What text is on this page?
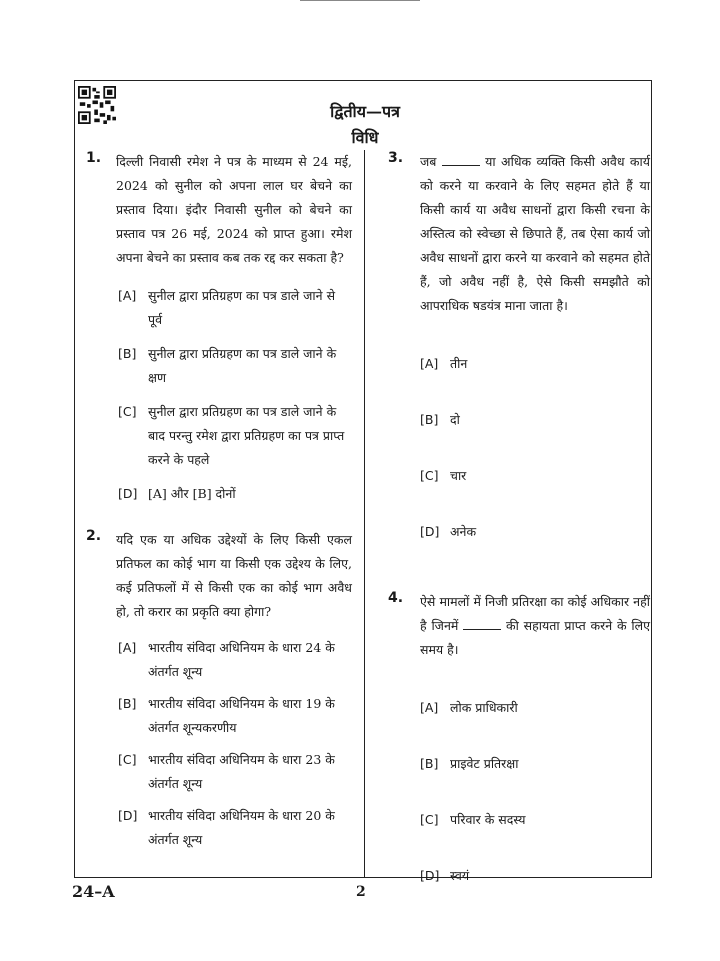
द्वितीय—पत्र
विधि
1. दिल्ली निवासी रमेश ने पत्र के माध्यम से 24 मई, 2024 को सुनील को अपना लाल घर बेचने का प्रस्ताव दिया। इंदौर निवासी सुनील को बेचने का प्रस्ताव पत्र 26 मई, 2024 को प्राप्त हुआ। रमेश अपना बेचने का प्रस्ताव कब तक रद्द कर सकता है?
[A] सुनील द्वारा प्रतिग्रहण का पत्र डाले जाने से पूर्व
[B] सुनील द्वारा प्रतिग्रहण का पत्र डाले जाने के क्षण
[C] सुनील द्वारा प्रतिग्रहण का पत्र डाले जाने के बाद परन्तु रमेश द्वारा प्रतिग्रहण का पत्र प्राप्त करने के पहले
[D] [A] और [B] दोनों
2. यदि एक या अधिक उद्देश्यों के लिए किसी एकल प्रतिफल का कोई भाग या किसी एक उद्देश्य के लिए, कई प्रतिफलों में से किसी एक का कोई भाग अवैध हो, तो करार का प्रकृति क्या होगा?
[A] भारतीय संविदा अधिनियम के धारा 24 के अंतर्गत शून्य
[B] भारतीय संविदा अधिनियम के धारा 19 के अंतर्गत शून्यकरणीय
[C] भारतीय संविदा अधिनियम के धारा 23 के अंतर्गत शून्य
[D] भारतीय संविदा अधिनियम के धारा 20 के अंतर्गत शून्य
3. जब	या अधिक व्यक्ति किसी अवैध कार्य को करने या करवाने के लिए सहमत होते हैं या किसी कार्य या अवैध साधनों द्वारा किसी रचना के अस्तित्व को स्वेच्छा से छिपाते हैं, तब ऐसा कार्य जो अवैध साधनों द्वारा करने या करवाने को सहमत होते हैं, जो अवैध नहीं है, ऐसे किसी समझौते को आपराधिक षडयंत्र माना जाता है।
[A] तीन
[B] दो
[C] चार
[D] अनेक
4. ऐसे मामलों में निजी प्रतिरक्षा का कोई अधिकार नहीं है जिनमें	की सहायता प्राप्त करने के लिए समय है।
[A] लोक प्राधिकारी
[B] प्राइवेट प्रतिरक्षा
[C] परिवार के सदस्य
[D] स्वयं
24–A	2
